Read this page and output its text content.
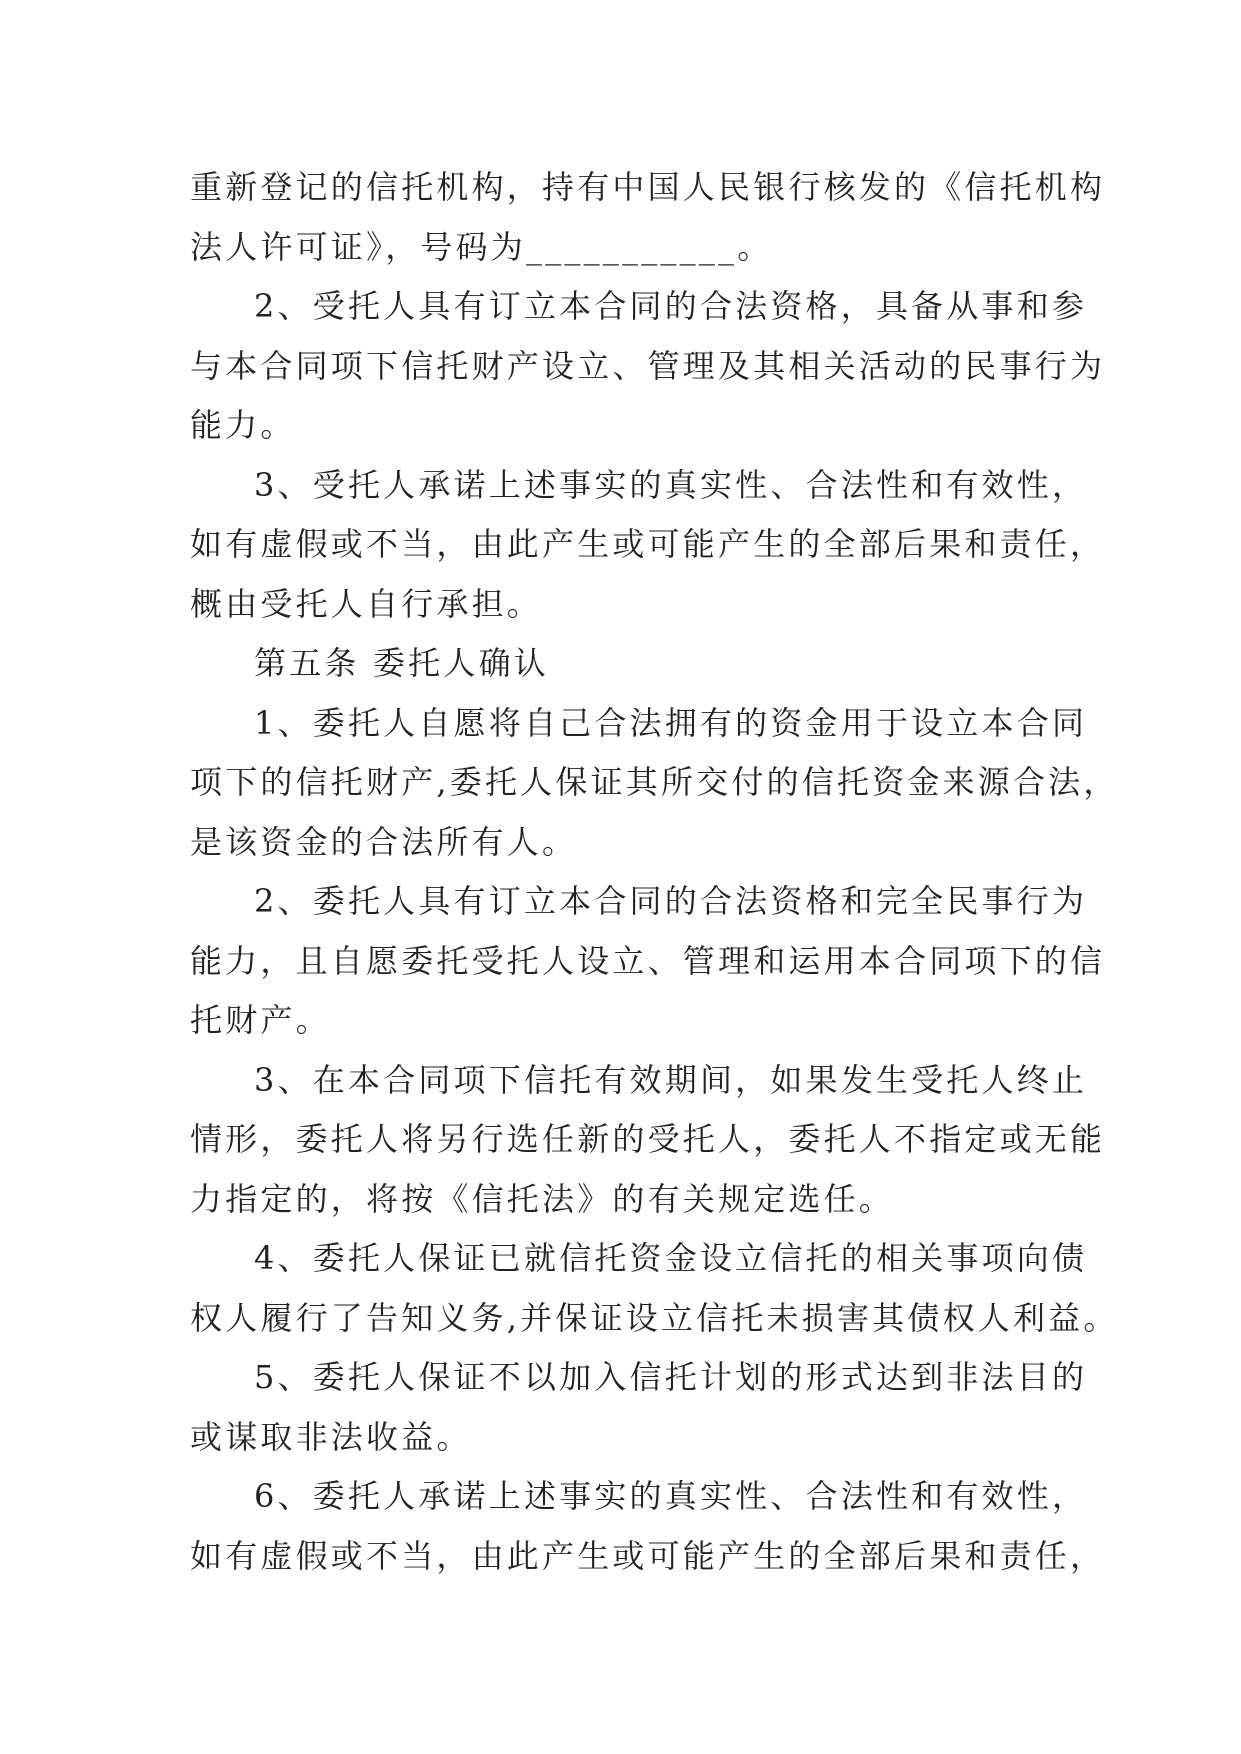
重新登记的信托机构，持有中国人民银行核发的《信托机构
法人许可证》，号码为___________。
2、受托人具有订立本合同的合法资格，具备从事和参
与本合同项下信托财产设立、管理及其相关活动的民事行为
能力。
3、受托人承诺上述事实的真实性、合法性和有效性，
如有虚假或不当，由此产生或可能产生的全部后果和责任，
概由受托人自行承担。
第五条 委托人确认
1、委托人自愿将自己合法拥有的资金用于设立本合同
项下的信托财产,委托人保证其所交付的信托资金来源合法，
是该资金的合法所有人。
2、委托人具有订立本合同的合法资格和完全民事行为
能力，且自愿委托受托人设立、管理和运用本合同项下的信
托财产。
3、在本合同项下信托有效期间，如果发生受托人终止
情形，委托人将另行选任新的受托人，委托人不指定或无能
力指定的，将按《信托法》的有关规定选任。
4、委托人保证已就信托资金设立信托的相关事项向债
权人履行了告知义务,并保证设立信托未损害其债权人利益。
5、委托人保证不以加入信托计划的形式达到非法目的
或谋取非法收益。
6、委托人承诺上述事实的真实性、合法性和有效性，
如有虚假或不当，由此产生或可能产生的全部后果和责任，
